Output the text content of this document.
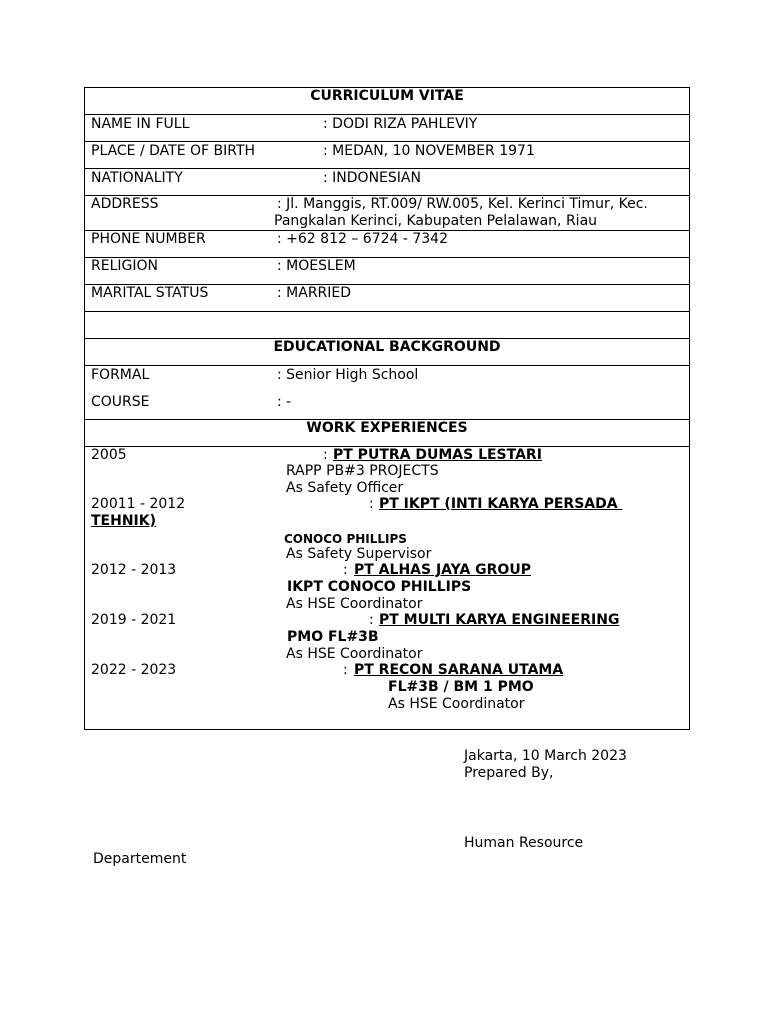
CURRICULUM VITAE
NAME IN FULL	: DODI RIZA PAHLEVIY
PLACE / DATE OF BIRTH	: MEDAN, 10 NOVEMBER 1971
NATIONALITY	: INDONESIAN
ADDRESS	: Jl. Manggis, RT.009/ RW.005, Kel. Kerinci Timur, Kec.
Pangkalan Kerinci, Kabupaten Pelalawan, Riau
PHONE NUMBER	: +62 812 – 6724 - 7342
RELIGION	: MOESLEM
MARITAL STATUS	: MARRIED
EDUCATIONAL BACKGROUND
FORMAL	: Senior High School
COURSE	: -
WORK EXPERIENCES
2005	: PT PUTRA DUMAS LESTARI
RAPP PB#3 PROJECTS
As Safety Officer
20011 - 2012	: PT IKPT (INTI KARYA PERSADA
TEHNIK)
CONOCO PHILLIPS
As Safety Supervisor
2012 - 2013	: PT ALHAS JAYA GROUP
IKPT CONOCO PHILLIPS
As HSE Coordinator
2019 - 2021	: PT MULTI KARYA ENGINEERING
PMO FL#3B
As HSE Coordinator
2022 - 2023	: PT RECON SARANA UTAMA
FL#3B / BM 1 PMO
As HSE Coordinator
Jakarta, 10 March 2023
Prepared By,
Human Resource
Departement
